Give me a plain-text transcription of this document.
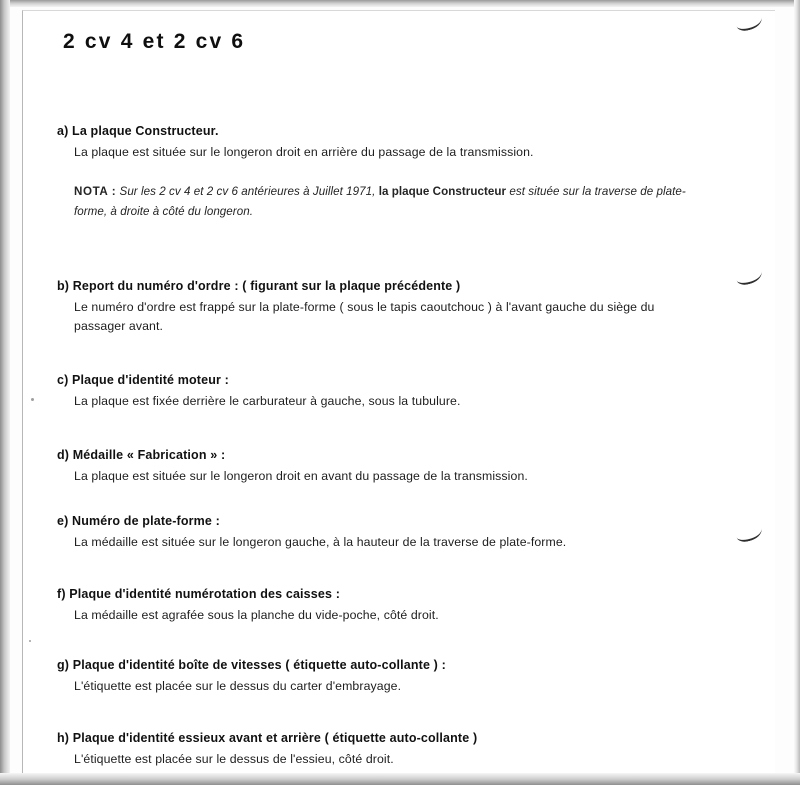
2 cv 4 et 2 cv 6
a) La plaque Constructeur.
La plaque est située sur le longeron droit en arrière du passage de la transmission.
NOTA : Sur les 2 cv 4 et 2 cv 6 antérieures à Juillet 1971, la plaque Constructeur est située sur la traverse de plate-forme, à droite à côté du longeron.
b) Report du numéro d'ordre : ( figurant sur la plaque précédente )
Le numéro d'ordre est frappé sur la plate-forme ( sous le tapis caoutchouc ) à l'avant gauche du siège du passager avant.
c) Plaque d'identité moteur :
La plaque est fixée derrière le carburateur à gauche, sous la tubulure.
d) Médaille « Fabrication » :
La plaque est située sur le longeron droit en avant du passage de la transmission.
e) Numéro de plate-forme :
La médaille est située sur le longeron gauche, à la hauteur de la traverse de plate-forme.
f) Plaque d'identité numérotation des caisses :
La médaille est agrafée sous la planche du vide-poche, côté droit.
g) Plaque d'identité boîte de vitesses ( étiquette auto-collante ) :
L'étiquette est placée sur le dessus du carter d'embrayage.
h) Plaque d'identité essieux avant et arrière ( étiquette auto-collante )
L'étiquette est placée sur le dessus de l'essieu, côté droit.
